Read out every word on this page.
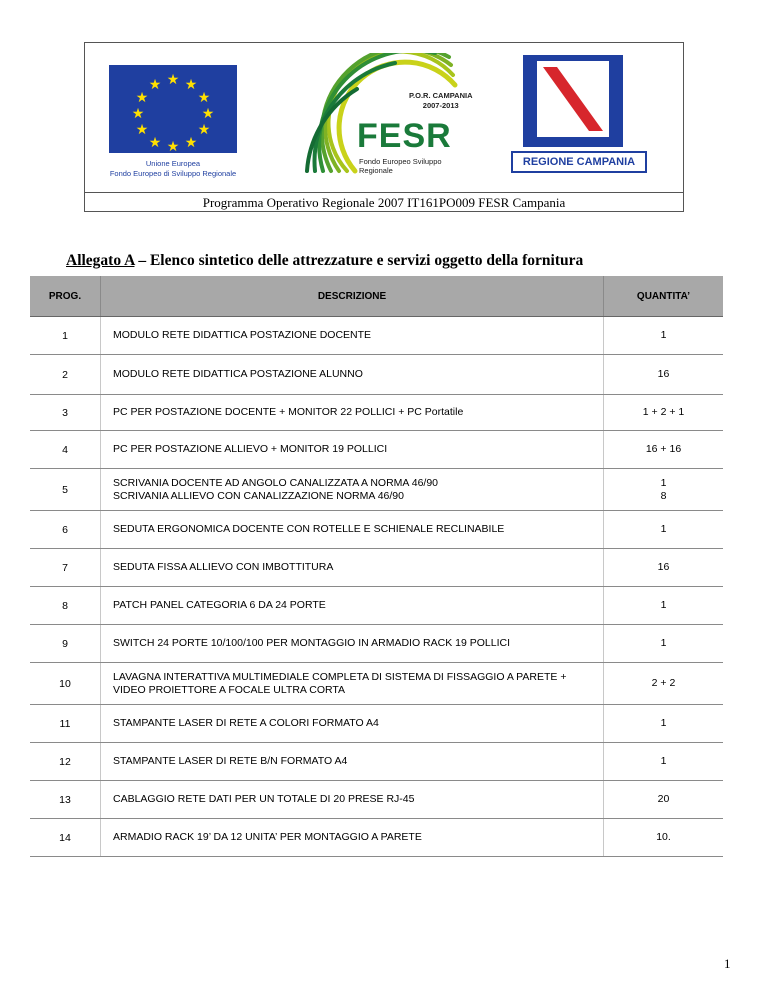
★ ★
★
★
★
★
★
★
★
★
★
★
Unione Europea
Fondo Europeo di Sviluppo Regionale
P.O.R. CAMPANIA
2007-2013
FESR
Fondo Europeo Sviluppo Regionale
REGIONE CAMPANIA
Programma Operativo Regionale 2007 IT161PO009 FESR Campania
Allegato A – Elenco sintetico delle attrezzature e servizi oggetto della fornitura
PROG.	DESCRIZIONE	QUANTITA’
1	MODULO RETE DIDATTICA POSTAZIONE DOCENTE	1

2	MODULO RETE DIDATTICA POSTAZIONE ALUNNO	16

3	PC PER POSTAZIONE DOCENTE + MONITOR 22 POLLICI + PC Portatile	1 + 2 + 1

4	PC PER POSTAZIONE ALLIEVO + MONITOR 19 POLLICI	16 + 16

5	SCRIVANIA DOCENTE AD ANGOLO CANALIZZATA A NORMA 46/90
SCRIVANIA ALLIEVO CON CANALIZZAZIONE NORMA 46/90	1
8

6	SEDUTA ERGONOMICA DOCENTE CON ROTELLE E SCHIENALE RECLINABILE	1

7	SEDUTA FISSA ALLIEVO CON IMBOTTITURA	16

8	PATCH PANEL CATEGORIA 6 DA 24 PORTE	1

9	SWITCH 24 PORTE 10/100/100 PER MONTAGGIO IN ARMADIO RACK 19 POLLICI	1

10	LAVAGNA INTERATTIVA MULTIMEDIALE COMPLETA DI SISTEMA DI FISSAGGIO A PARETE +
VIDEO PROIETTORE A FOCALE ULTRA CORTA	2 + 2

11	STAMPANTE LASER DI RETE A COLORI FORMATO A4	1

12	STAMPANTE LASER DI RETE B/N FORMATO A4	1

13	CABLAGGIO RETE DATI PER UN TOTALE DI 20 PRESE RJ-45	20

14	ARMADIO RACK 19’ DA 12 UNITA’ PER MONTAGGIO A PARETE	10.
1
